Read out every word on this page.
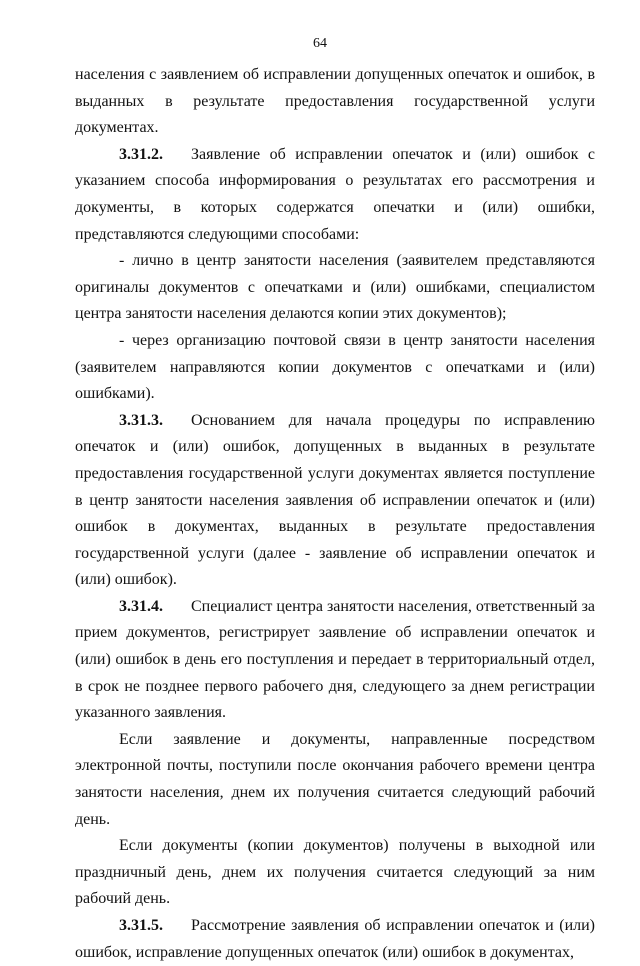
64

населения с заявлением об исправлении допущенных опечаток и ошибок, в выданных в результате предоставления государственной услуги документах.

3.31.2. Заявление об исправлении опечаток и (или) ошибок с указанием способа информирования о результатах его рассмотрения и документы, в которых содержатся опечатки и (или) ошибки, представляются следующими способами:

- лично в центр занятости населения (заявителем представляются оригиналы документов с опечатками и (или) ошибками, специалистом центра занятости населения делаются копии этих документов);

- через организацию почтовой связи в центр занятости населения (заявителем направляются копии документов с опечатками и (или) ошибками).

3.31.3. Основанием для начала процедуры по исправлению опечаток и (или) ошибок, допущенных в выданных в результате предоставления государственной услуги документах является поступление в центр занятости населения заявления об исправлении опечаток и (или) ошибок в документах, выданных в результате предоставления государственной услуги (далее - заявление об исправлении опечаток и (или) ошибок).

3.31.4. Специалист центра занятости населения, ответственный за прием документов, регистрирует заявление об исправлении опечаток и (или) ошибок в день его поступления и передает в территориальный отдел, в срок не позднее первого рабочего дня, следующего за днем регистрации указанного заявления.

Если заявление и документы, направленные посредством электронной почты, поступили после окончания рабочего времени центра занятости населения, днем их получения считается следующий рабочий день.

Если документы (копии документов) получены в выходной или праздничный день, днем их получения считается следующий за ним рабочий день.

3.31.5. Рассмотрение заявления об исправлении опечаток и (или) ошибок, исправление допущенных опечаток (или) ошибок в документах,
